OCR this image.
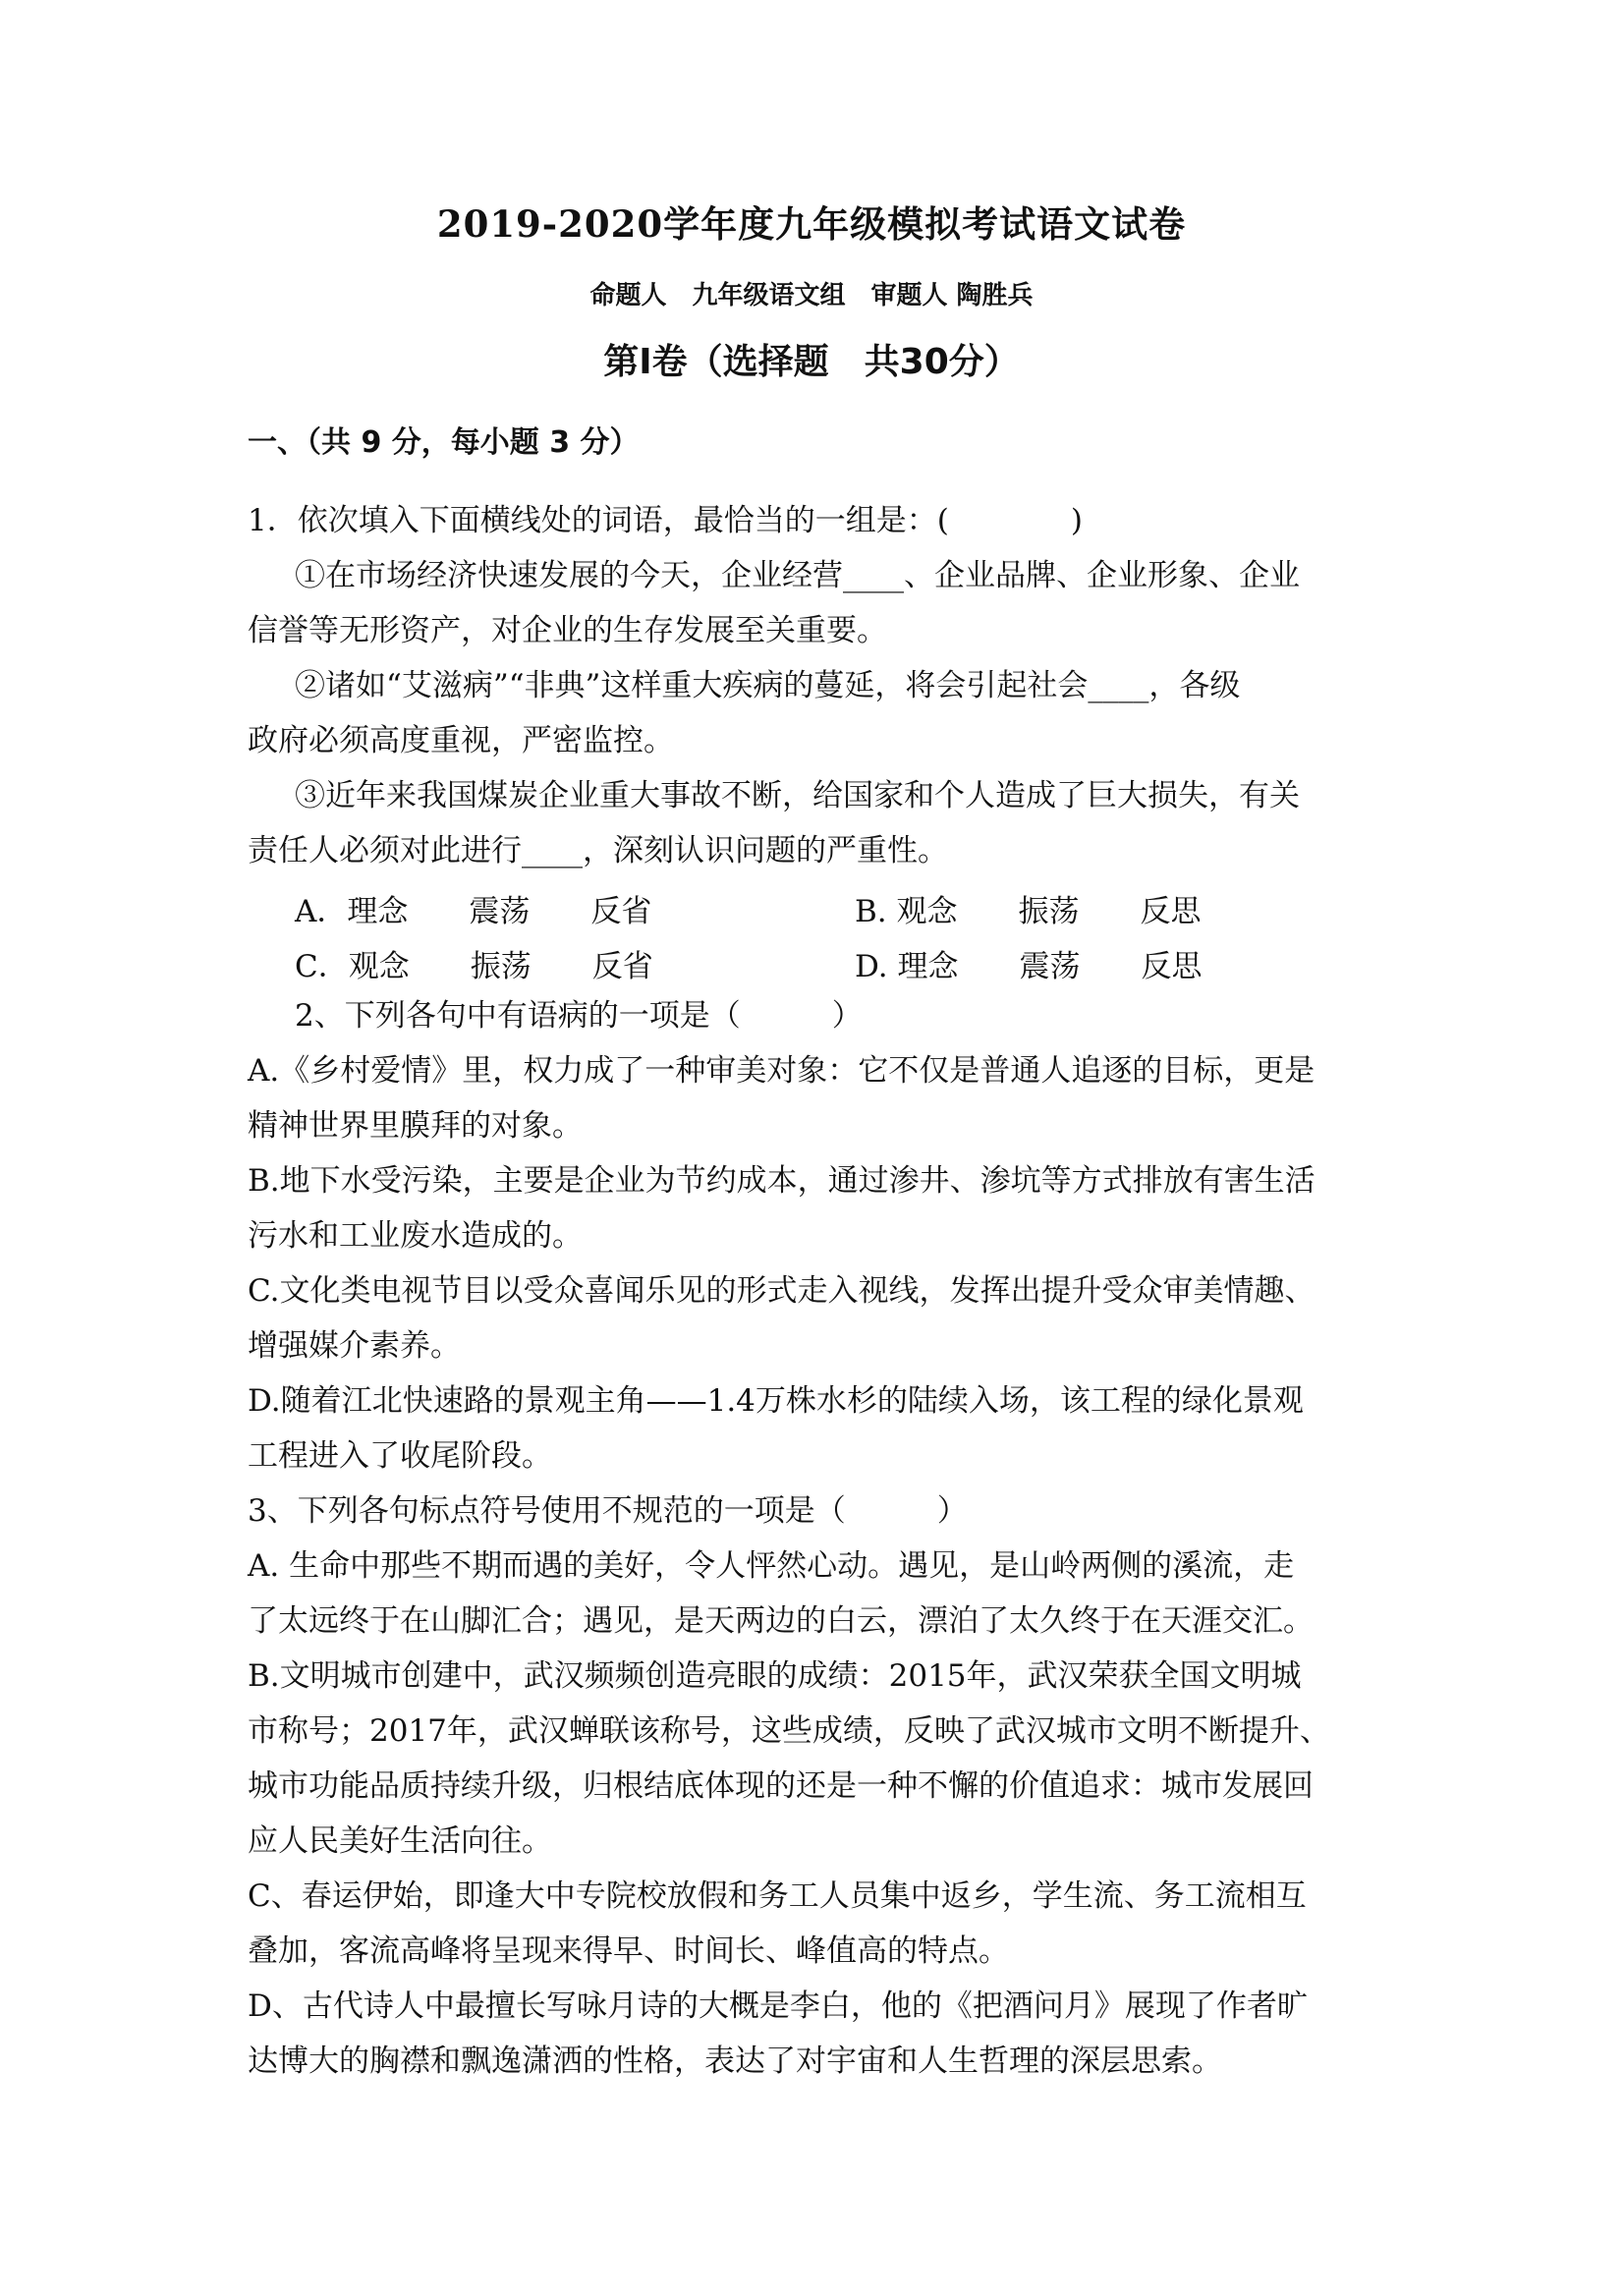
2019-2020学年度九年级模拟考试语文试卷
命题人　九年级语文组　审题人 陶胜兵
第Ⅰ卷（选择题　共30分）
一、（共 9 分，每小题 3 分）
1．依次填入下面横线处的词语，最恰当的一组是：(　　　　)
①在市场经济快速发展的今天，企业经营____、企业品牌、企业形象、企业
信誉等无形资产，对企业的生存发展至关重要。
②诸如“艾滋病”“非典”这样重大疾病的蔓延，将会引起社会____，各级
政府必须高度重视，严密监控。
③近年来我国煤炭企业重大事故不断，给国家和个人造成了巨大损失，有关
责任人必须对此进行____，深刻认识问题的严重性。
A．理念　　震荡　　反省	B. 观念　　振荡　　反思
C．观念　　振荡　　反省	D. 理念　　震荡　　反思
2、下列各句中有语病的一项是（　　　）
A.《乡村爱情》里，权力成了一种审美对象：它不仅是普通人追逐的目标，更是
精神世界里膜拜的对象。
B.地下水受污染，主要是企业为节约成本，通过渗井、渗坑等方式排放有害生活
污水和工业废水造成的。
C.文化类电视节目以受众喜闻乐见的形式走入视线，发挥出提升受众审美情趣、
增强媒介素养。
D.随着江北快速路的景观主角——1.4万株水杉的陆续入场，该工程的绿化景观
工程进入了收尾阶段。
3、下列各句标点符号使用不规范的一项是（　　　）
A. 生命中那些不期而遇的美好，令人怦然心动。遇见，是山岭两侧的溪流，走
了太远终于在山脚汇合；遇见，是天两边的白云，漂泊了太久终于在天涯交汇。
B.文明城市创建中，武汉频频创造亮眼的成绩：2015年，武汉荣获全国文明城
市称号；2017年，武汉蝉联该称号，这些成绩，反映了武汉城市文明不断提升、
城市功能品质持续升级，归根结底体现的还是一种不懈的价值追求：城市发展回
应人民美好生活向往。
C、春运伊始，即逢大中专院校放假和务工人员集中返乡，学生流、务工流相互
叠加，客流高峰将呈现来得早、时间长、峰值高的特点。
D、古代诗人中最擅长写咏月诗的大概是李白，他的《把酒问月》展现了作者旷
达博大的胸襟和飘逸潇洒的性格，表达了对宇宙和人生哲理的深层思索。
